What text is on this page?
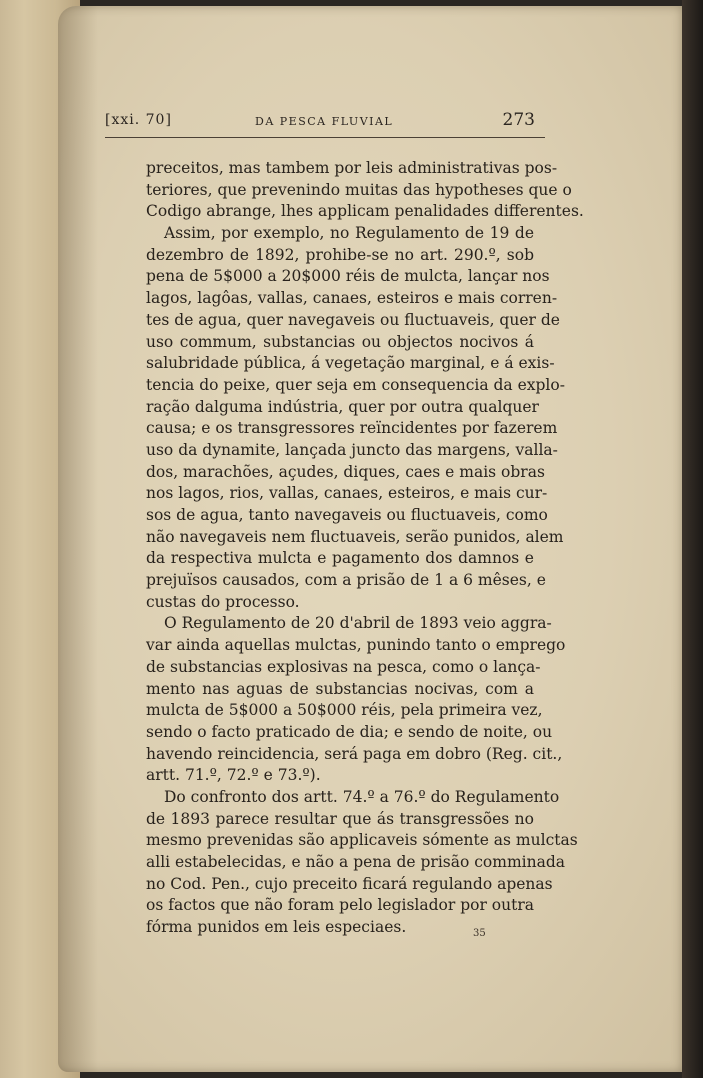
[xxi. 70]	DA PESCA FLUVIAL	273
preceitos, mas tambem por leis administrativas pos-
teriores, que prevenindo muitas das hypotheses que o
Codigo abrange, lhes applicam penalidades differentes.
Assim, por exemplo, no Regulamento de 19 de
dezembro de 1892, prohibe-se no art. 290.º, sob
pena de 5$000 a 20$000 réis de mulcta, lançar nos
lagos, lagôas, vallas, canaes, esteiros e mais corren-
tes de agua, quer navegaveis ou fluctuaveis, quer de
uso commum, substancias ou objectos nocivos á
salubridade pública, á vegetação marginal, e á exis-
tencia do peixe, quer seja em consequencia da explo-
ração dalguma indústria, quer por outra qualquer
causa; e os transgressores reïncidentes por fazerem
uso da dynamite, lançada juncto das margens, valla-
dos, marachões, açudes, diques, caes e mais obras
nos lagos, rios, vallas, canaes, esteiros, e mais cur-
sos de agua, tanto navegaveis ou fluctuaveis, como
não navegaveis nem fluctuaveis, serão punidos, alem
da respectiva mulcta e pagamento dos damnos e
prejuïsos causados, com a prisão de 1 a 6 mêses, e
custas do processo.
O Regulamento de 20 d'abril de 1893 veio aggra-
var ainda aquellas mulctas, punindo tanto o emprego
de substancias explosivas na pesca, como o lança-
mento nas aguas de substancias nocivas, com a
mulcta de 5$000 a 50$000 réis, pela primeira vez,
sendo o facto praticado de dia; e sendo de noite, ou
havendo reincidencia, será paga em dobro (Reg. cit.,
artt. 71.º, 72.º e 73.º).
Do confronto dos artt. 74.º a 76.º do Regulamento
de 1893 parece resultar que ás transgressões no
mesmo prevenidas são applicaveis sómente as mulctas
alli estabelecidas, e não a pena de prisão comminada
no Cod. Pen., cujo preceito ficará regulando apenas
os factos que não foram pelo legislador por outra
fórma punidos em leis especiaes.	35
